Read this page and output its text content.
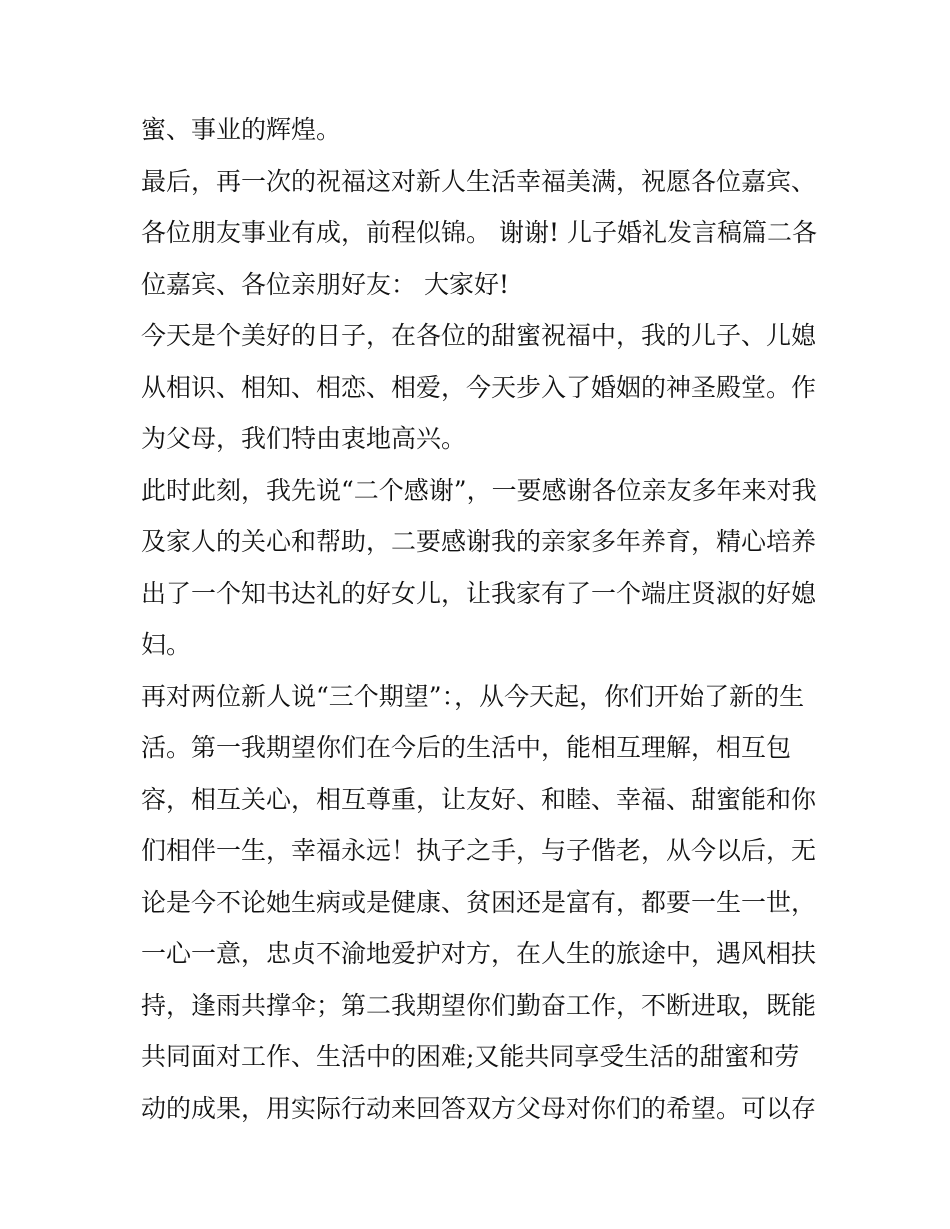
蜜、事业的辉煌。

最后，再一次的祝福这对新人生活幸福美满，祝愿各位嘉宾、

各位朋友事业有成，前程似锦。 谢谢! 儿子婚礼发言稿篇二各

位嘉宾、各位亲朋好友： 大家好!

今天是个美好的日子，在各位的甜蜜祝福中，我的儿子、儿媳

从相识、相知、相恋、相爱，今天步入了婚姻的神圣殿堂。作

为父母，我们特由衷地高兴。

此时此刻，我先说“二个感谢”，一要感谢各位亲友多年来对我

及家人的关心和帮助，二要感谢我的亲家多年养育，精心培养

出了一个知书达礼的好女儿，让我家有了一个端庄贤淑的好媳

妇。

再对两位新人说“三个期望”：，从今天起，你们开始了新的生

活。第一我期望你们在今后的生活中，能相互理解，相互包

容，相互关心，相互尊重，让友好、和睦、幸福、甜蜜能和你

们相伴一生，幸福永远！执子之手，与子偕老，从今以后，无

论是今不论她生病或是健康、贫困还是富有，都要一生一世，

一心一意，忠贞不渝地爱护对方，在人生的旅途中，遇风相扶

持，逢雨共撑伞；第二我期望你们勤奋工作，不断进取，既能

共同面对工作、生活中的困难;又能共同享受生活的甜蜜和劳

动的成果，用实际行动来回答双方父母对你们的希望。可以存
